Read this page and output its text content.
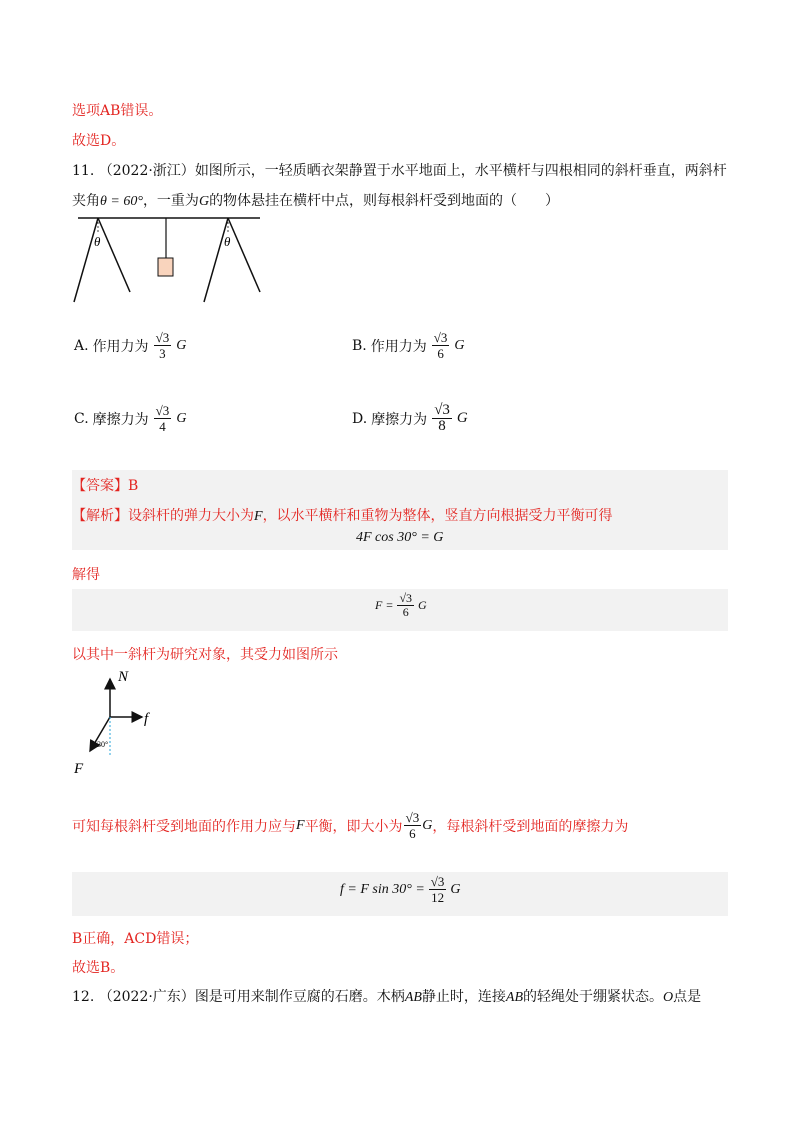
选项AB错误。
故选D。
11. （2022·浙江）如图所示，一轻质晒衣架静置于水平地面上，水平横杆与四根相同的斜杆垂直，两斜杆
夹角θ = 60°，一重为G的物体悬挂在横杆中点，则每根斜杆受到地面的（　　）
θ	θ
A. 作用力为 $\frac{√3}{3}$ G	B. 作用力为 $\frac{√3}{6}$ G
C. 摩擦力为 $\frac{√3}{4}$ G	D. 摩擦力为 $\frac{√3}{8}$ G
【答案】B
【解析】设斜杆的弹力大小为F，以水平横杆和重物为整体，竖直方向根据受力平衡可得
4F cos 30° = G
解得
$F = \frac{√3}{6}$ G
以其中一斜杆为研究对象，其受力如图所示
N
f
F
30°
可知每根斜杆受到地面的作用力应与 F 平衡，即大小为 $\frac{√3}{6}$ G ，每根斜杆受到地面的摩擦力为
f = F $\sin 30^\circ = \frac{√3}{12}$ G
B正确，ACD错误；
故选B。
12. （2022·广东）图是可用来制作豆腐的石磨。木柄AB静止时，连接AB的轻绳处于绷紧状态。O点是
